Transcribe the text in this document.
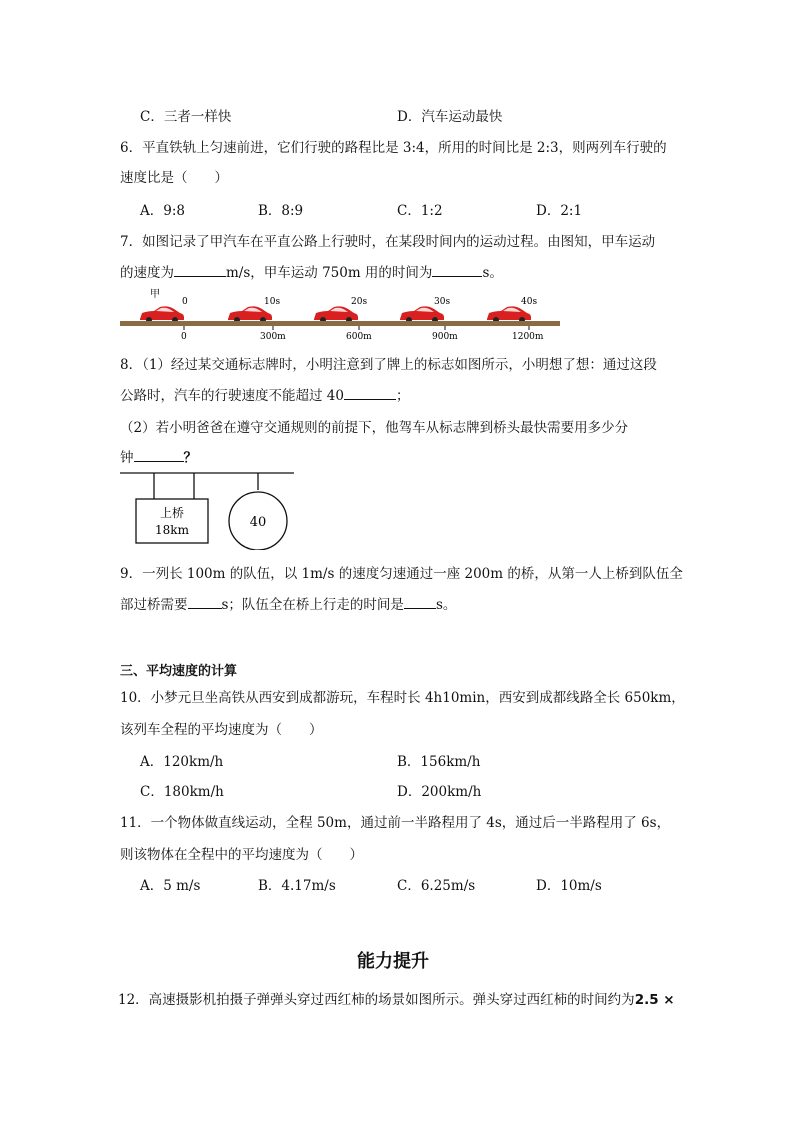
C．三者一样快	D．汽车运动最快
6．平直铁轨上匀速前进，它们行驶的路程比是 3:4，所用的时间比是 2:3，则两列车行驶的
速度比是（　　）
A．9:8	B．8:9	C．1:2	D．2:1
7．如图记录了甲汽车在平直公路上行驶时，在某段时间内的运动过程。由图知，甲车运动
的速度为	m/s，甲车运动 750m 用的时间为	s。
甲
0	10s	20s	30s	40s
0	300m	600m	900m	1200m
8．（1）经过某交通标志牌时，小明注意到了牌上的标志如图所示，小明想了想：通过这段
公路时，汽车的行驶速度不能超过 40	；
（2）若小明爸爸在遵守交通规则的前提下，他驾车从标志牌到桥头最快需要用多少分
钟	？
上桥
18km	40
9．一列长 100m 的队伍，以 1m/s 的速度匀速通过一座 200m 的桥，从第一人上桥到队伍全
部过桥需要	s；队伍全在桥上行走的时间是 s。
三、平均速度的计算
10．小梦元旦坐高铁从西安到成都游玩，车程时长 4h10min，西安到成都线路全长 650km，
该列车全程的平均速度为（　　）
A．120km/h	B．156km/h
C．180km/h	D．200km/h
11．一个物体做直线运动，全程 50m，通过前一半路程用了 4s，通过后一半路程用了 6s，
则该物体在全程中的平均速度为（　　）
A．5 m/s	B．4.17m/s	C．6.25m/s	D．10m/s
能力提升
12．高速摄影机拍摄子弹弹头穿过西红柿的场景如图所示。弹头穿过西红柿的时间约为2.5 ×
